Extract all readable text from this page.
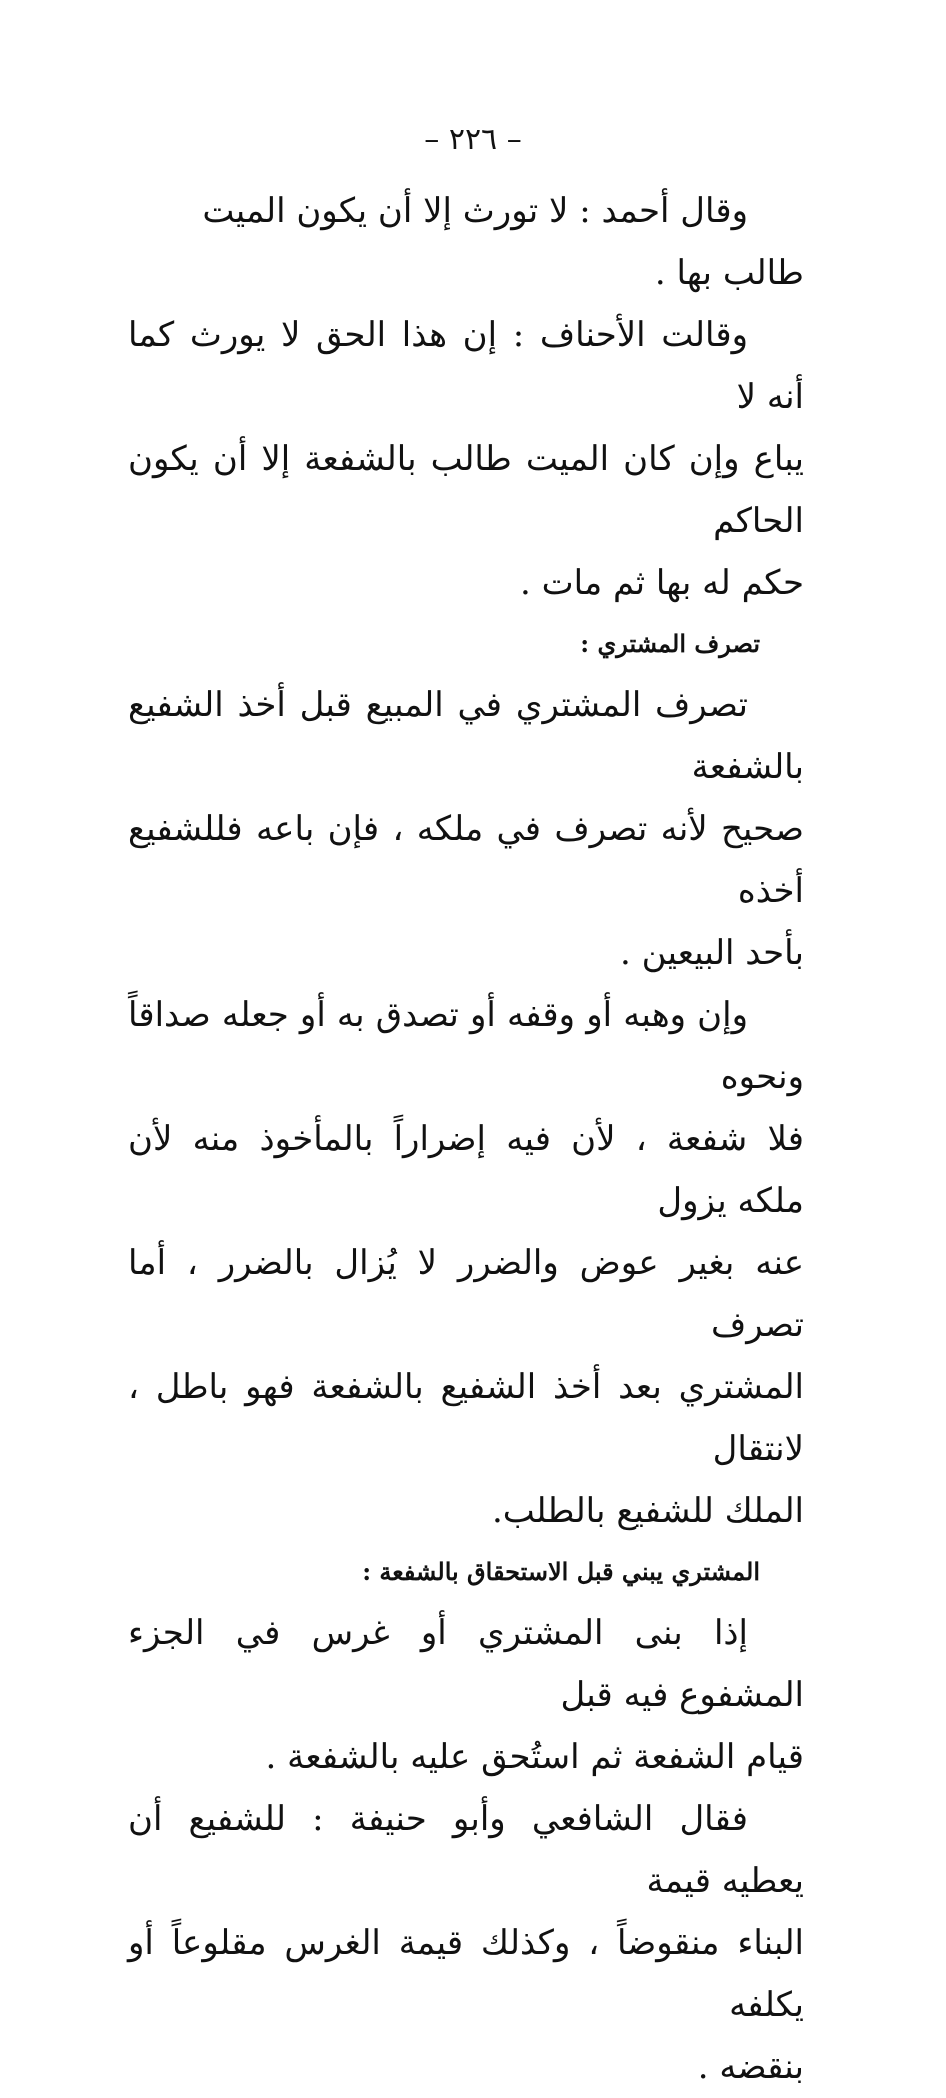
– ٢٢٦ –

وقال أحمد : لا تورث إلا أن يكون الميت طالب بها .

وقالت الأحناف : إن هذا الحق لا يورث كما أنه لا
يباع وإن كان الميت طالب بالشفعة إلا أن يكون الحاكم
حكم له بها ثم مات .

تصرف المشتري :

تصرف المشتري في المبيع قبل أخذ الشفيع بالشفعة
صحيح لأنه تصرف في ملكه ، فإن باعه فللشفيع أخذه
بأحد البيعين .

وإن وهبه أو وقفه أو تصدق به أو جعله صداقاً ونحوه
فلا شفعة ، لأن فيه إضراراً بالمأخوذ منه لأن ملكه يزول
عنه بغير عوض والضرر لا يُزال بالضرر ، أما تصرف
المشتري بعد أخذ الشفيع بالشفعة فهو باطل ، لانتقال
الملك للشفيع بالطلب.

المشتري يبني قبل الاستحقاق بالشفعة :

إذا بنى المشتري أو غرس في الجزء المشفوع فيه قبل
قيام الشفعة ثم استُحق عليه بالشفعة .

فقال الشافعي وأبو حنيفة : للشفيع أن يعطيه قيمة
البناء منقوضاً ، وكذلك قيمة الغرس مقلوعاً أو يكلفه
بنقضه .
